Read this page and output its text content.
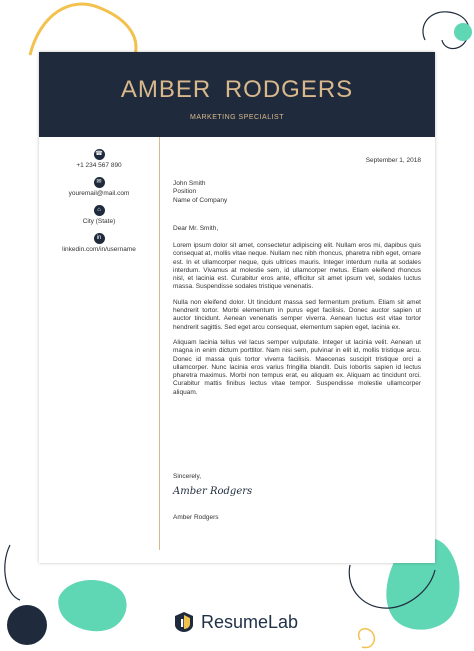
AMBER RODGERS
MARKETING SPECIALIST
☎
+1 234 567 890
✉
youremail@mail.com
⌂
City (State)
in
linkedin.com/in/username
September 1, 2018
John Smith
Position
Name of Company
Dear Mr. Smith,

Lorem ipsum dolor sit amet, consectetur adipiscing elit. Nullam eros mi, dapibus quis consequat at, mollis vitae neque. Nullam nec nibh rhoncus, pharetra nibh eget, ornare est. In et ullamcorper neque, quis ultrices mauris. Integer interdum nulla at sodales interdum. Vivamus at molestie sem, id ullamcorper metus. Etiam eleifend rhoncus nisl, et lacinia est. Curabitur eros ante, efficitur sit amet ipsum vel, sodales luctus massa. Suspendisse sodales tristique venenatis.

Nulla non eleifend dolor. Ut tincidunt massa sed fermentum pretium. Etiam sit amet hendrerit tortor. Morbi elementum in purus eget facilisis. Donec auctor sapien ut auctor tincidunt. Aenean venenatis semper viverra. Aenean luctus est vitae tortor hendrerit sagittis. Sed eget arcu consequat, elementum sapien eget, lacinia ex.

Aliquam lacinia tellus vel lacus semper vulputate. Integer ut lacinia velit. Aenean ut magna in enim dictum porttitor. Nam nisi sem, pulvinar in elit id, mollis tristique arcu. Donec id massa quis tortor viverra facilisis. Maecenas suscipit tristique orci a ullamcorper. Nunc lacinia eros varius fringilla blandit. Duis lobortis sapien id lectus pharetra maximus. Morbi non tempus erat, eu aliquam ex. Aliquam ac tincidunt orci. Curabitur mattis finibus lectus vitae tempor. Suspendisse molestie ullamcorper aliquam.

Sincerely,
Amber Rodgers
Amber Rodgers
ResumeLab
